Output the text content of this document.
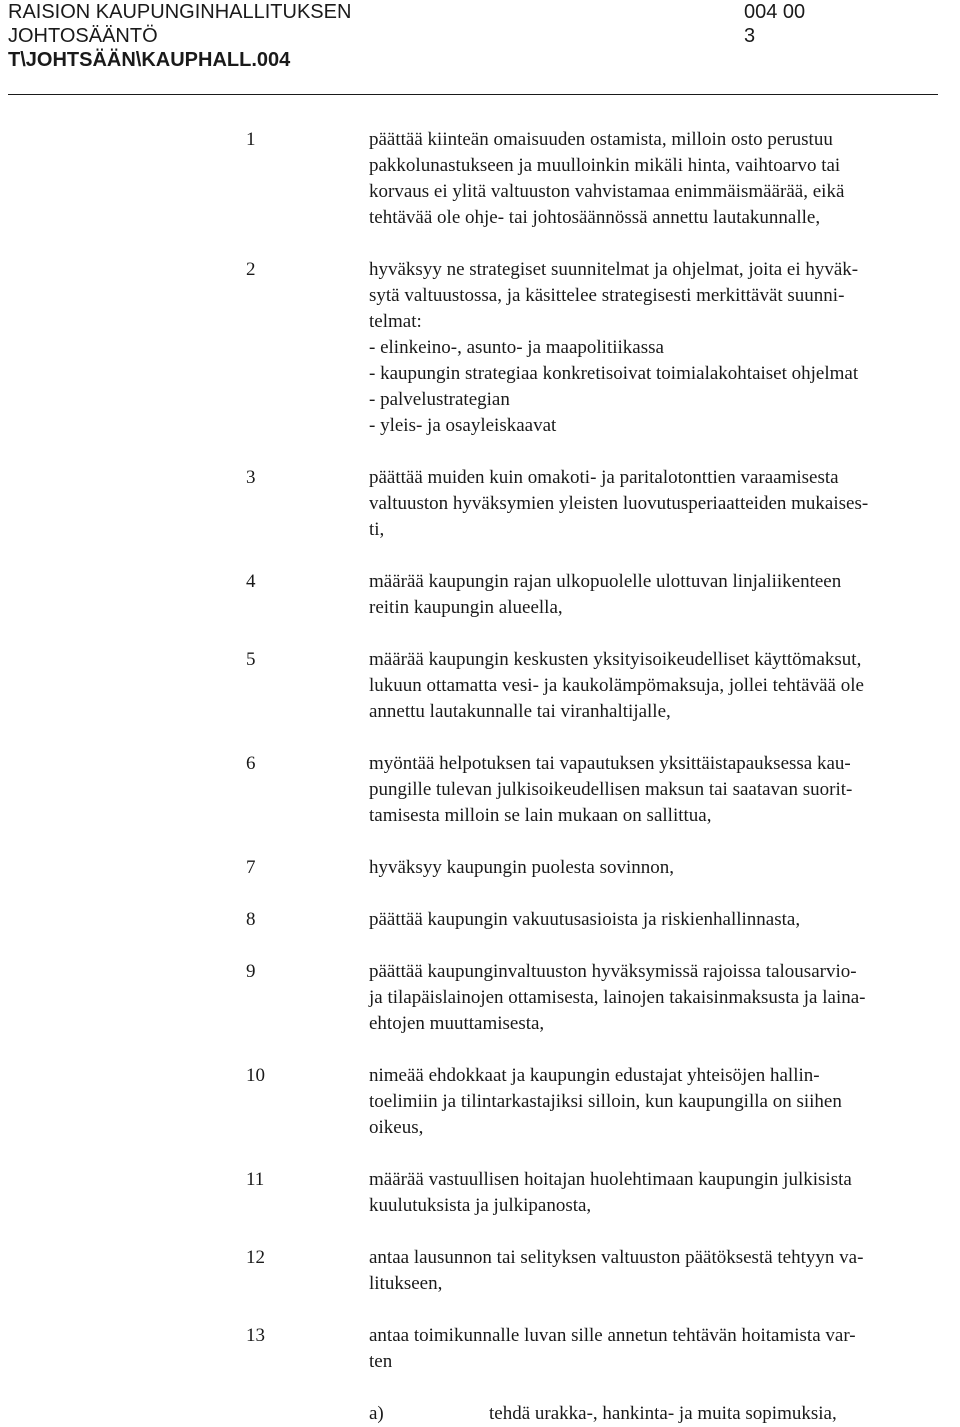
RAISION KAUPUNGINHALLITUKSEN	004 00
JOHTOSÄÄNTÖ	3
T\JOHTSÄÄN\KAUPHALL.004
1	päättää kiinteän omaisuuden ostamista, milloin osto perustuu
pakkolunastukseen ja muulloinkin mikäli hinta, vaihtoarvo tai
korvaus ei ylitä valtuuston vahvistamaa enimmäismäärää, eikä
tehtävää ole ohje- tai johtosäännössä annettu lautakunnalle,
2	hyväksyy ne strategiset suunnitelmat ja ohjelmat, joita ei hyväk-
sytä valtuustossa, ja käsittelee strategisesti merkittävät suunni-
telmat:
- elinkeino-, asunto- ja maapolitiikassa
- kaupungin strategiaa konkretisoivat toimialakohtaiset ohjelmat
- palvelustrategian
- yleis- ja osayleiskaavat
3	päättää muiden kuin omakoti- ja paritalotonttien varaamisesta
valtuuston hyväksymien yleisten luovutusperiaatteiden mukaises-
ti,
4	määrää kaupungin rajan ulkopuolelle ulottuvan linjaliikenteen
reitin kaupungin alueella,
5	määrää kaupungin keskusten yksityisoikeudelliset käyttömaksut,
lukuun ottamatta vesi- ja kaukolämpömaksuja, jollei tehtävää ole
annettu lautakunnalle tai viranhaltijalle,
6	myöntää helpotuksen tai vapautuksen yksittäistapauksessa kau-
pungille tulevan julkisoikeudellisen maksun tai saatavan suorit-
tamisesta milloin se lain mukaan on sallittua,
7	hyväksyy kaupungin puolesta sovinnon,
8	päättää kaupungin vakuutusasioista ja riskienhallinnasta,
9	päättää kaupunginvaltuuston hyväksymissä rajoissa talousarvio-
ja tilapäislainojen ottamisesta, lainojen takaisinmaksusta ja laina-
ehtojen muuttamisesta,
10	nimeää ehdokkaat ja kaupungin edustajat yhteisöjen hallin-
toelimiin ja tilintarkastajiksi silloin, kun kaupungilla on siihen
oikeus,
11	määrää vastuullisen hoitajan huolehtimaan kaupungin julkisista
kuulutuksista ja julkipanosta,
12	antaa lausunnon tai selityksen valtuuston päätöksestä tehtyyn va-
litukseen,
13	antaa toimikunnalle luvan sille annetun tehtävän hoitamista var-
ten
a)	tehdä urakka-, hankinta- ja muita sopimuksia,
